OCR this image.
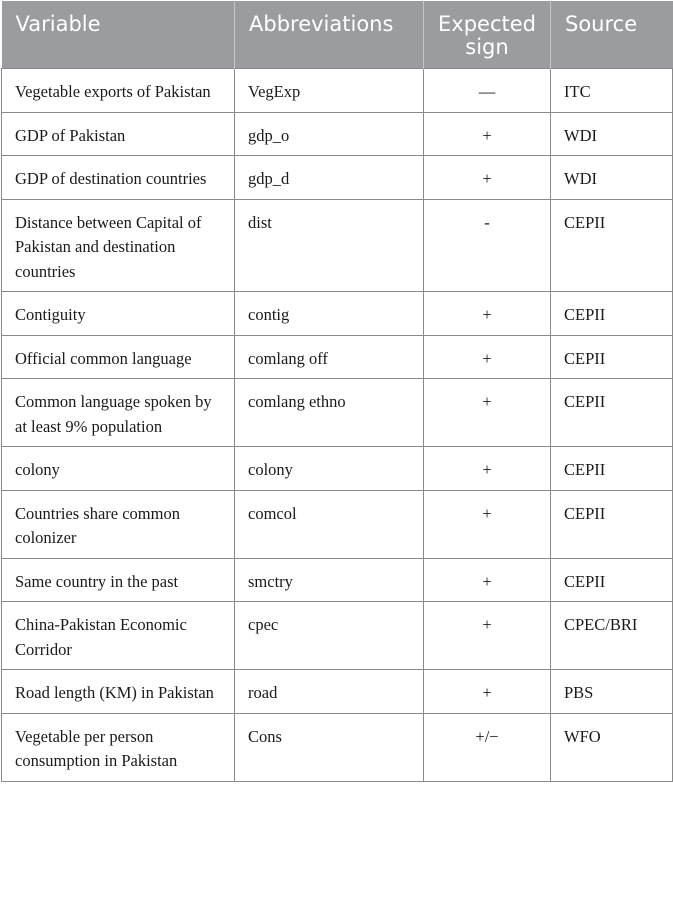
Variable	Abbreviations	Expected sign	Source
Vegetable exports of Pakistan	VegExp	—	ITC
GDP of Pakistan	gdp_o	+	WDI
GDP of destination countries	gdp_d	+	WDI
Distance between Capital of Pakistan and destination countries	dist	-	CEPII
Contiguity	contig	+	CEPII
Official common language	comlang off	+	CEPII
Common language spoken by at least 9% population	comlang ethno	+	CEPII
colony	colony	+	CEPII
Countries share common colonizer	comcol	+	CEPII
Same country in the past	smctry	+	CEPII
China-Pakistan Economic Corridor	cpec	+	CPEC/BRI
Road length (KM) in Pakistan	road	+	PBS
Vegetable per person consumption in Pakistan	Cons	+/−	WFO
